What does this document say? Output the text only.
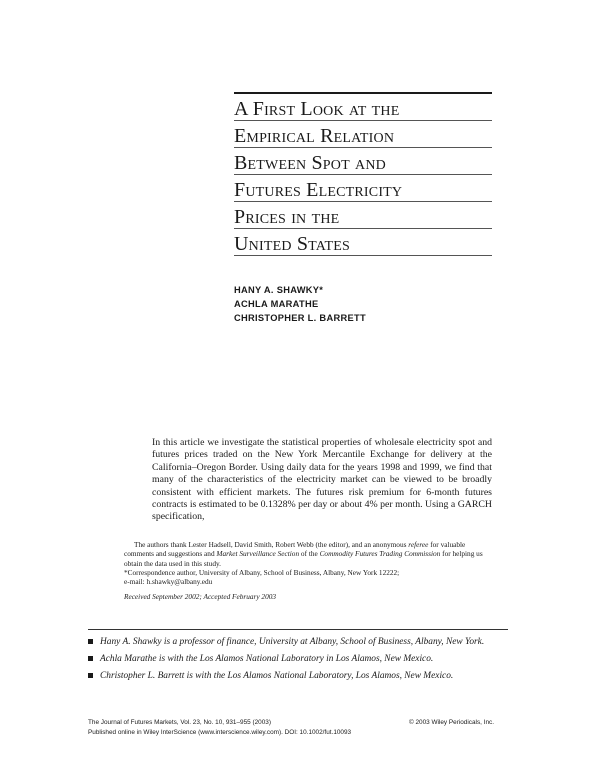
A First Look at the
Empirical Relation
Between Spot and
Futures Electricity
Prices in the
United States
HANY A. SHAWKY*
ACHLA MARATHE
CHRISTOPHER L. BARRETT

In this article we investigate the statistical properties of wholesale electricity spot and futures prices traded on the New York Mercantile Exchange for delivery at the California–Oregon Border. Using daily data for the years 1998 and 1999, we find that many of the characteristics of the electricity market can be viewed to be broadly consistent with efficient markets. The futures risk premium for 6-month futures contracts is estimated to be 0.1328% per day or about 4% per month. Using a GARCH specification,

The authors thank Lester Hadsell, David Smith, Robert Webb (the editor), and an anonymous referee for valuable comments and suggestions and Market Surveillance Section of the Commodity Futures Trading Commission for helping us obtain the data used in this study.

*Correspondence author, University of Albany, School of Business, Albany, New York 12222;

e-mail: h.shawky@albany.edu

Received September 2002; Accepted February 2003

Hany A. Shawky is a professor of finance, University at Albany, School of Business, Albany, New York.
Achla Marathe is with the Los Alamos National Laboratory in Los Alamos, New Mexico.
Christopher L. Barrett is with the Los Alamos National Laboratory, Los Alamos, New Mexico.
The Journal of Futures Markets, Vol. 23, No. 10, 931–955 (2003)	© 2003 Wiley Periodicals, Inc.
Published online in Wiley InterScience (www.interscience.wiley.com). DOI: 10.1002/fut.10093
